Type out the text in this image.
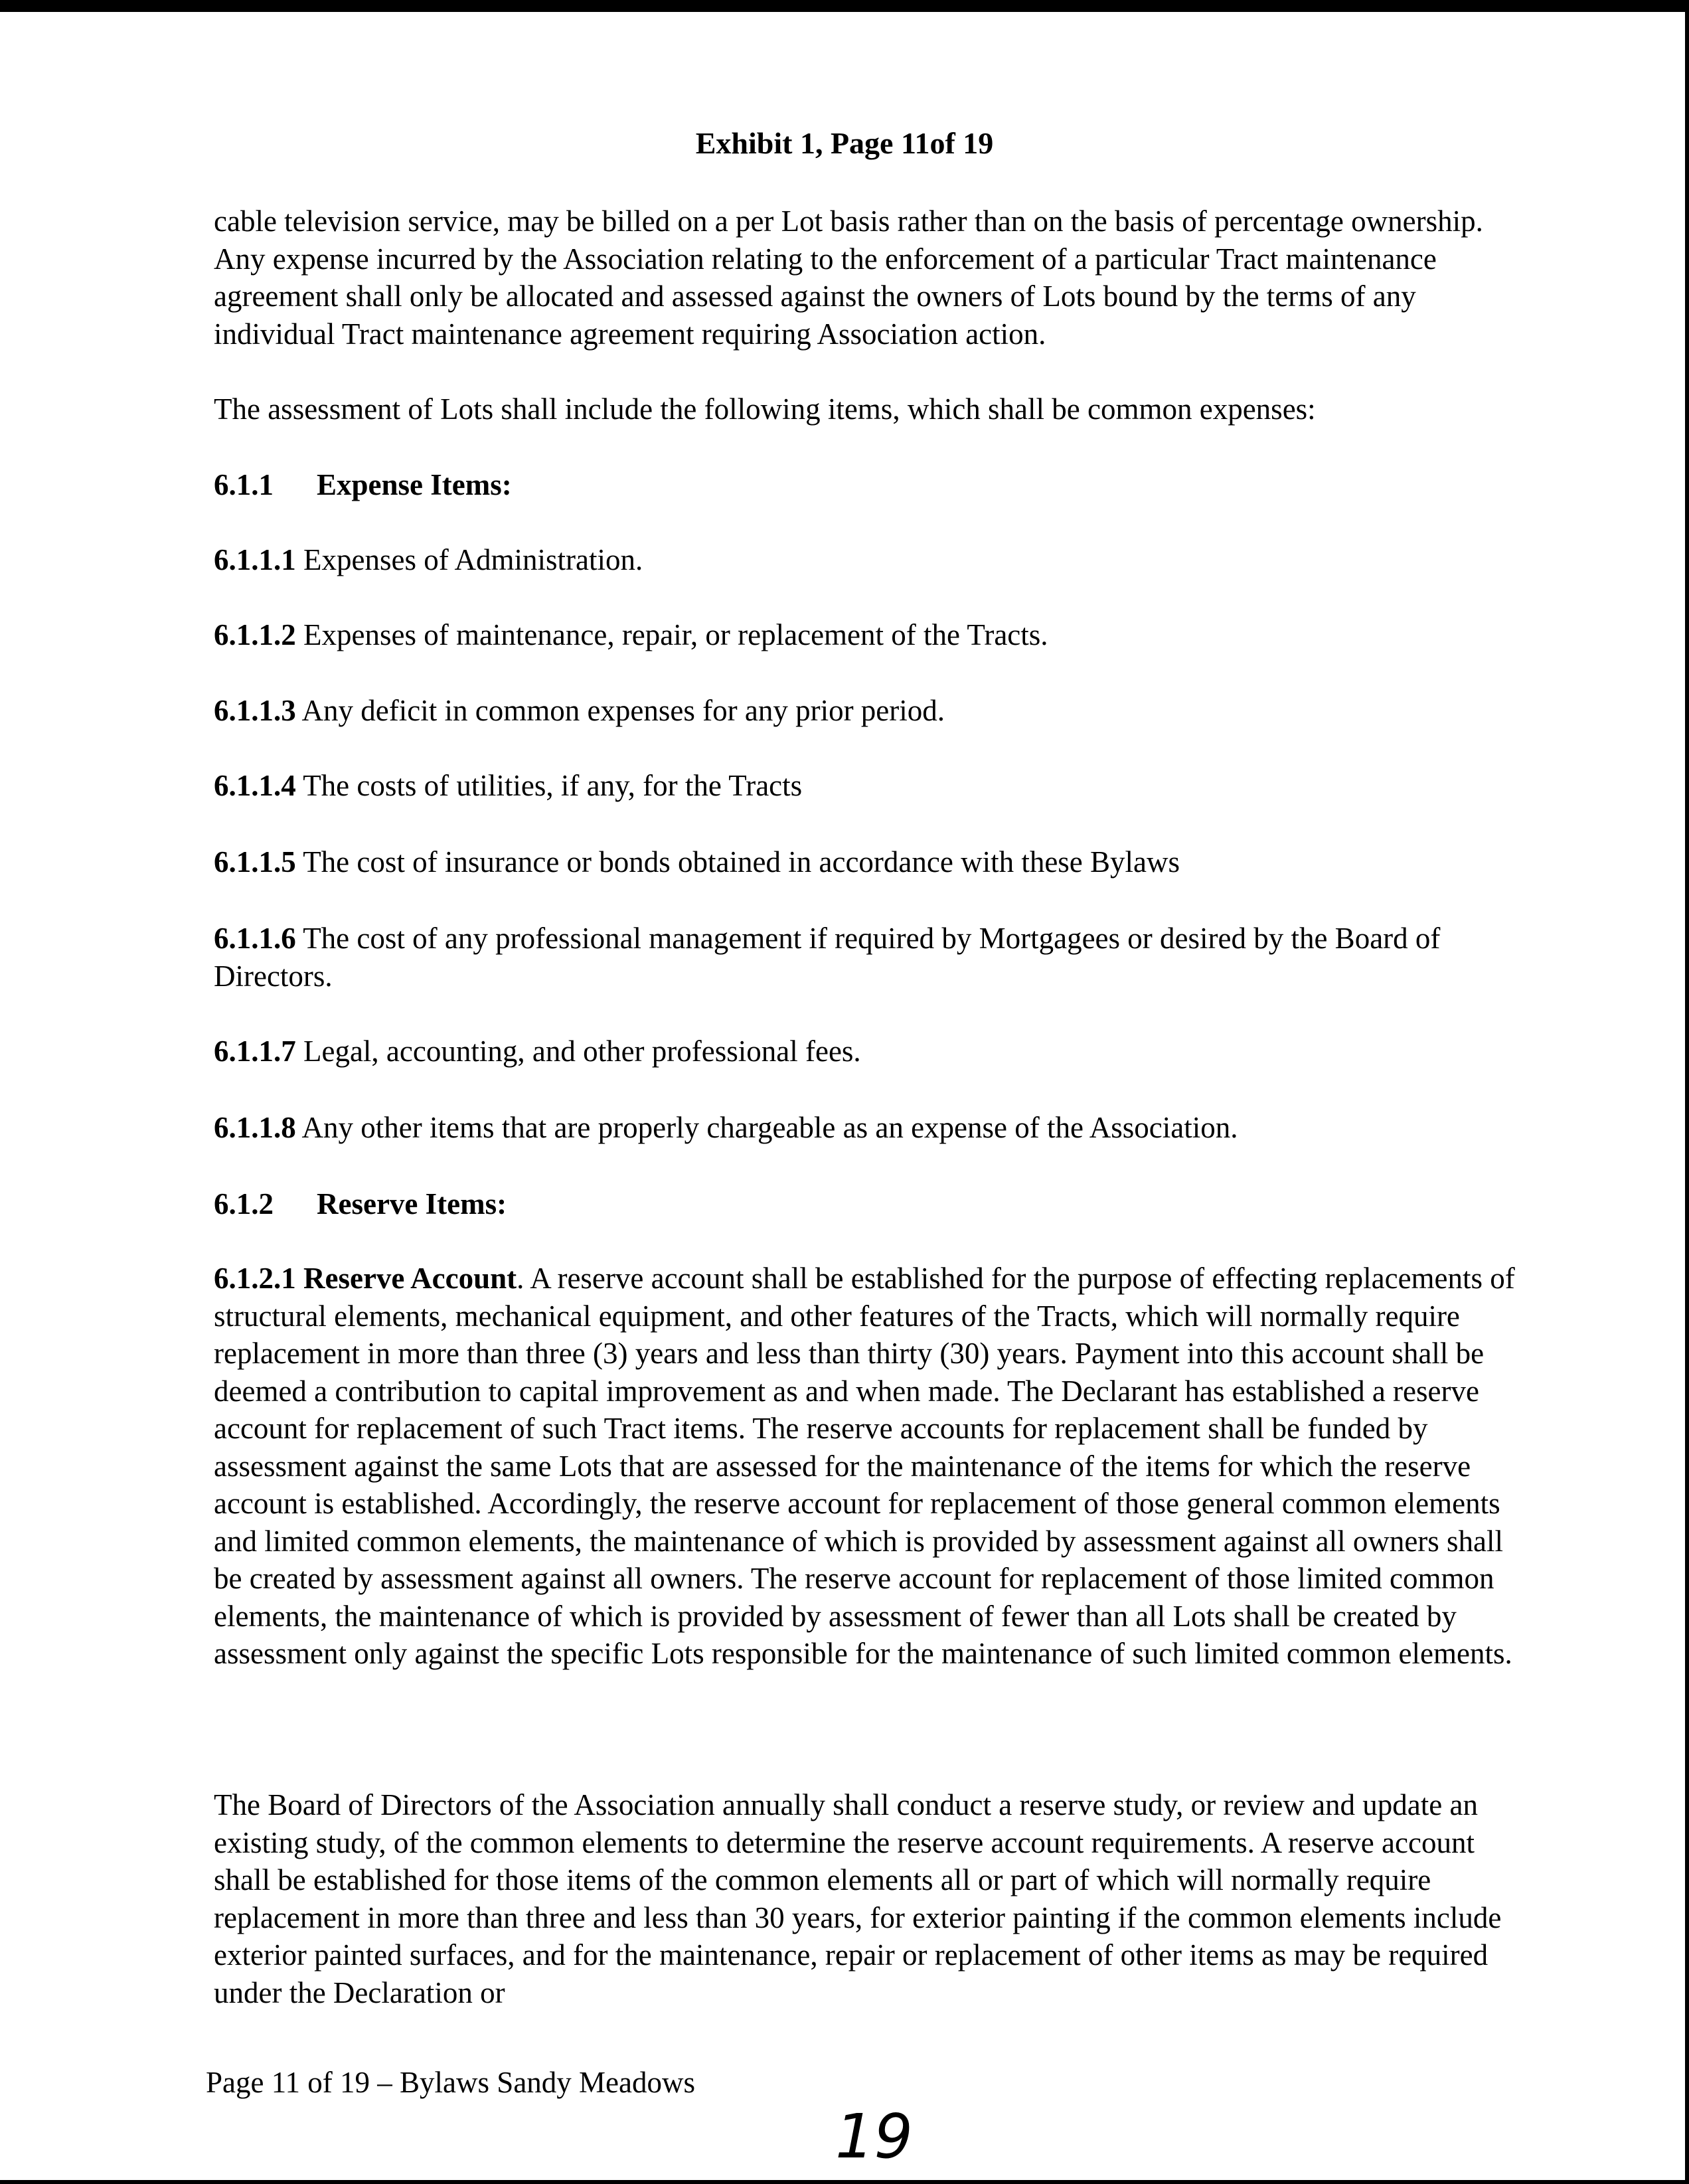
Exhibit 1, Page 11of 19
cable television service, may be billed on a per Lot basis rather than on the basis of percentage ownership. Any expense incurred by the Association relating to the enforcement of a particular Tract maintenance agreement shall only be allocated and assessed against the owners of Lots bound by the terms of any individual Tract maintenance agreement requiring Association action.
The assessment of Lots shall include the following items, which shall be common expenses:
6.1.1 Expense Items:
6.1.1.1 Expenses of Administration.
6.1.1.2 Expenses of maintenance, repair, or replacement of the Tracts.
6.1.1.3 Any deficit in common expenses for any prior period.
6.1.1.4 The costs of utilities, if any, for the Tracts
6.1.1.5 The cost of insurance or bonds obtained in accordance with these Bylaws
6.1.1.6 The cost of any professional management if required by Mortgagees or desired by the Board of Directors.
6.1.1.7 Legal, accounting, and other professional fees.
6.1.1.8 Any other items that are properly chargeable as an expense of the Association.
6.1.2 Reserve Items:
6.1.2.1 Reserve Account. A reserve account shall be established for the purpose of effecting replacements of structural elements, mechanical equipment, and other features of the Tracts, which will normally require replacement in more than three (3) years and less than thirty (30) years. Payment into this account shall be deemed a contribution to capital improvement as and when made. The Declarant has established a reserve account for replacement of such Tract items. The reserve accounts for replacement shall be funded by assessment against the same Lots that are assessed for the maintenance of the items for which the reserve account is established. Accordingly, the reserve account for replacement of those general common elements and limited common elements, the maintenance of which is provided by assessment against all owners shall be created by assessment against all owners. The reserve account for replacement of those limited common elements, the maintenance of which is provided by assessment of fewer than all Lots shall be created by assessment only against the specific Lots responsible for the maintenance of such limited common elements.
The Board of Directors of the Association annually shall conduct a reserve study, or review and update an existing study, of the common elements to determine the reserve account requirements. A reserve account shall be established for those items of the common elements all or part of which will normally require replacement in more than three and less than 30 years, for exterior painting if the common elements include exterior painted surfaces, and for the maintenance, repair or replacement of other items as may be required under the Declaration or
Page 11 of 19 – Bylaws Sandy Meadows
19
